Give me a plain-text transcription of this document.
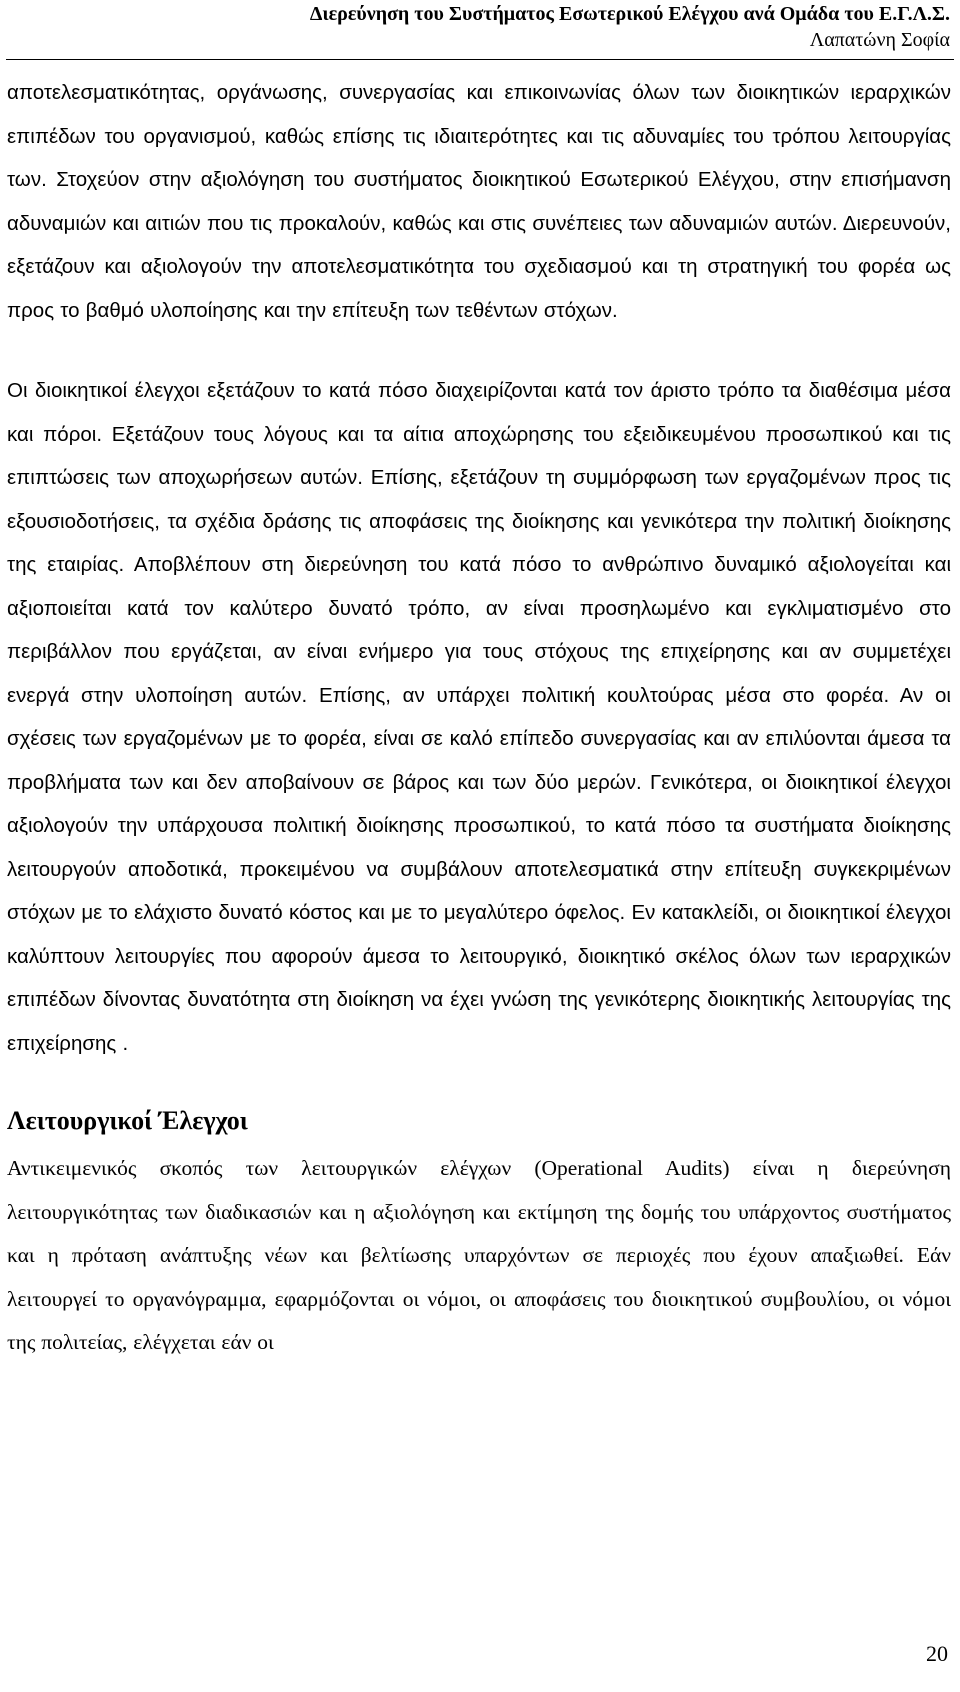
Διερεύνηση του Συστήματος Εσωτερικού Ελέγχου ανά Ομάδα του Ε.Γ.Λ.Σ.
Λαπατώνη Σοφία

αποτελεσματικότητας, οργάνωσης, συνεργασίας και επικοινωνίας όλων των διοικητικών ιεραρχικών επιπέδων του οργανισμού, καθώς επίσης τις ιδιαιτερότητες και τις αδυναμίες του τρόπου λειτουργίας των. Στοχεύον στην αξιολόγηση του συστήματος διοικητικού Εσωτερικού Ελέγχου, στην επισήμανση αδυναμιών και αιτιών που τις προκαλούν, καθώς και στις συνέπειες των αδυναμιών αυτών. Διερευνούν, εξετάζουν και αξιολογούν την αποτελεσματικότητα του σχεδιασμού και τη στρατηγική του φορέα ως προς το βαθμό υλοποίησης και την επίτευξη των τεθέντων στόχων.

Οι διοικητικοί έλεγχοι εξετάζουν το κατά πόσο διαχειρίζονται κατά τον άριστο τρόπο τα διαθέσιμα μέσα και πόροι. Εξετάζουν τους λόγους και τα αίτια αποχώρησης του εξειδικευμένου προσωπικού και τις επιπτώσεις των αποχωρήσεων αυτών. Επίσης, εξετάζουν τη συμμόρφωση των εργαζομένων προς τις εξουσιοδοτήσεις, τα σχέδια δράσης τις αποφάσεις της διοίκησης και γενικότερα την πολιτική διοίκησης της εταιρίας. Αποβλέπουν στη διερεύνηση του κατά πόσο το ανθρώπινο δυναμικό αξιολογείται και αξιοποιείται κατά τον καλύτερο δυνατό τρόπο, αν είναι προσηλωμένο και εγκλιματισμένο στο περιβάλλον που εργάζεται, αν είναι ενήμερο για τους στόχους της επιχείρησης και αν συμμετέχει ενεργά στην υλοποίηση αυτών. Επίσης, αν υπάρχει πολιτική κουλτούρας μέσα στο φορέα. Αν οι σχέσεις των εργαζομένων με το φορέα, είναι σε καλό επίπεδο συνεργασίας και αν επιλύονται άμεσα τα προβλήματα των και δεν αποβαίνουν σε βάρος και των δύο μερών. Γενικότερα, οι διοικητικοί έλεγχοι αξιολογούν την υπάρχουσα πολιτική διοίκησης προσωπικού, το κατά πόσο τα συστήματα διοίκησης λειτουργούν αποδοτικά, προκειμένου να συμβάλουν αποτελεσματικά στην επίτευξη συγκεκριμένων στόχων με το ελάχιστο δυνατό κόστος και με το μεγαλύτερο όφελος. Εν κατακλείδι, οι διοικητικοί έλεγχοι καλύπτουν λειτουργίες που αφορούν άμεσα το λειτουργικό, διοικητικό σκέλος όλων των ιεραρχικών επιπέδων δίνοντας δυνατότητα στη διοίκηση να έχει γνώση της γενικότερης διοικητικής λειτουργίας της επιχείρησης .

Λειτουργικοί Έλεγχοι

Αντικειμενικός σκοπός των λειτουργικών ελέγχων (Operational Audits) είναι η διερεύνηση λειτουργικότητας των διαδικασιών και η αξιολόγηση και εκτίμηση της δομής του υπάρχοντος συστήματος και η πρόταση ανάπτυξης νέων και βελτίωσης υπαρχόντων σε περιοχές που έχουν απαξιωθεί. Εάν λειτουργεί το οργανόγραμμα, εφαρμόζονται οι νόμοι, οι αποφάσεις του διοικητικού συμβουλίου, οι νόμοι της πολιτείας, ελέγχεται εάν οι

20
